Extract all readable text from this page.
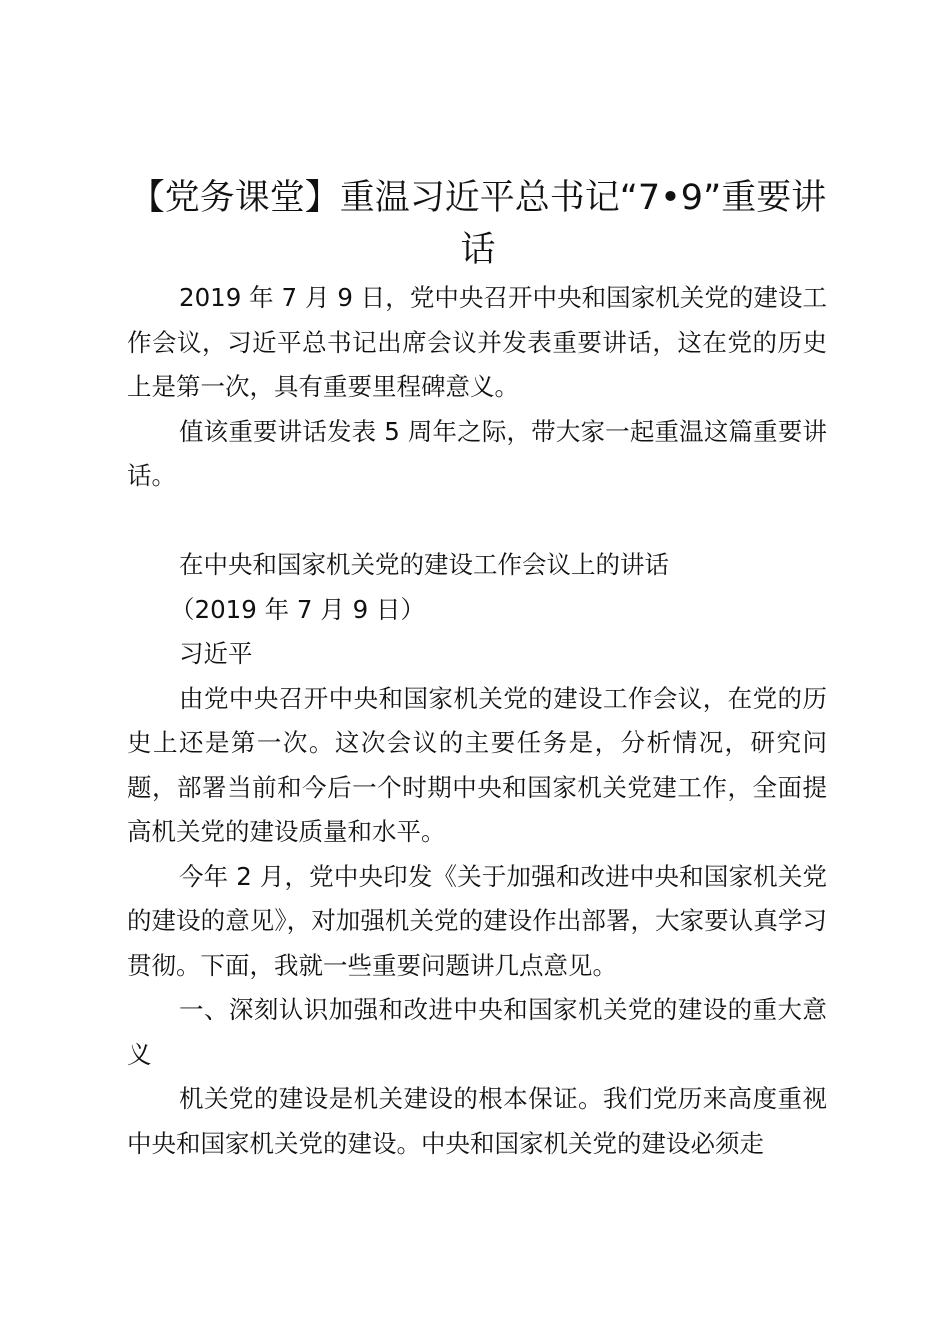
【党务课堂】重温习近平总书记“7•9”重要讲话

2019 年 7 月 9 日，党中央召开中央和国家机关党的建设工作会议，习近平总书记出席会议并发表重要讲话，这在党的历史上是第一次，具有重要里程碑意义。

值该重要讲话发表 5 周年之际，带大家一起重温这篇重要讲话。

在中央和国家机关党的建设工作会议上的讲话

（2019 年 7 月 9 日）

习近平

由党中央召开中央和国家机关党的建设工作会议，在党的历史上还是第一次。这次会议的主要任务是，分析情况，研究问题，部署当前和今后一个时期中央和国家机关党建工作，全面提高机关党的建设质量和水平。

今年 2 月，党中央印发《关于加强和改进中央和国家机关党的建设的意见》，对加强机关党的建设作出部署，大家要认真学习贯彻。下面，我就一些重要问题讲几点意见。

一、深刻认识加强和改进中央和国家机关党的建设的重大意义

机关党的建设是机关建设的根本保证。我们党历来高度重视中央和国家机关党的建设。中央和国家机关党的建设必须走
